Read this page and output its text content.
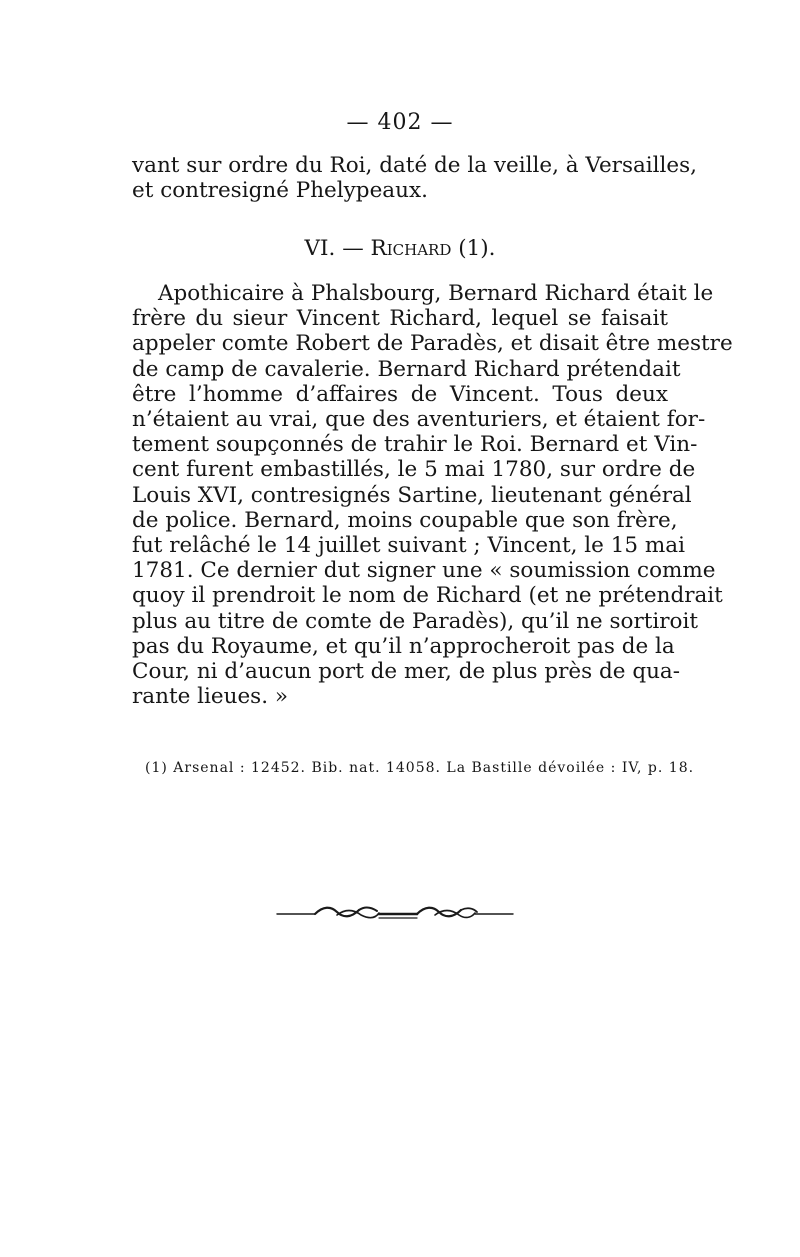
— 402 —
vant sur ordre du Roi, daté de la veille, à Versailles,
et contresigné Phelypeaux.
VI. — Richard (1).
Apothicaire à Phalsbourg, Bernard Richard était le
frère du sieur Vincent Richard, lequel se faisait
appeler comte Robert de Paradès, et disait être mestre
de camp de cavalerie. Bernard Richard prétendait
être l’homme d’affaires de Vincent. Tous deux
n’étaient au vrai, que des aventuriers, et étaient for-
tement soupçonnés de trahir le Roi. Bernard et Vin-
cent furent embastillés, le 5 mai 1780, sur ordre de
Louis XVI, contresignés Sartine, lieutenant général
de police. Bernard, moins coupable que son frère,
fut relâché le 14 juillet suivant ; Vincent, le 15 mai
1781. Ce dernier dut signer une « soumission comme
quoy il prendroit le nom de Richard (et ne prétendrait
plus au titre de comte de Paradès), qu’il ne sortiroit
pas du Royaume, et qu’il n’approcheroit pas de la
Cour, ni d’aucun port de mer, de plus près de qua-
rante lieues. »
(1) Arsenal : 12452. Bib. nat. 14058. La Bastille dévoilée : IV, p. 18.
